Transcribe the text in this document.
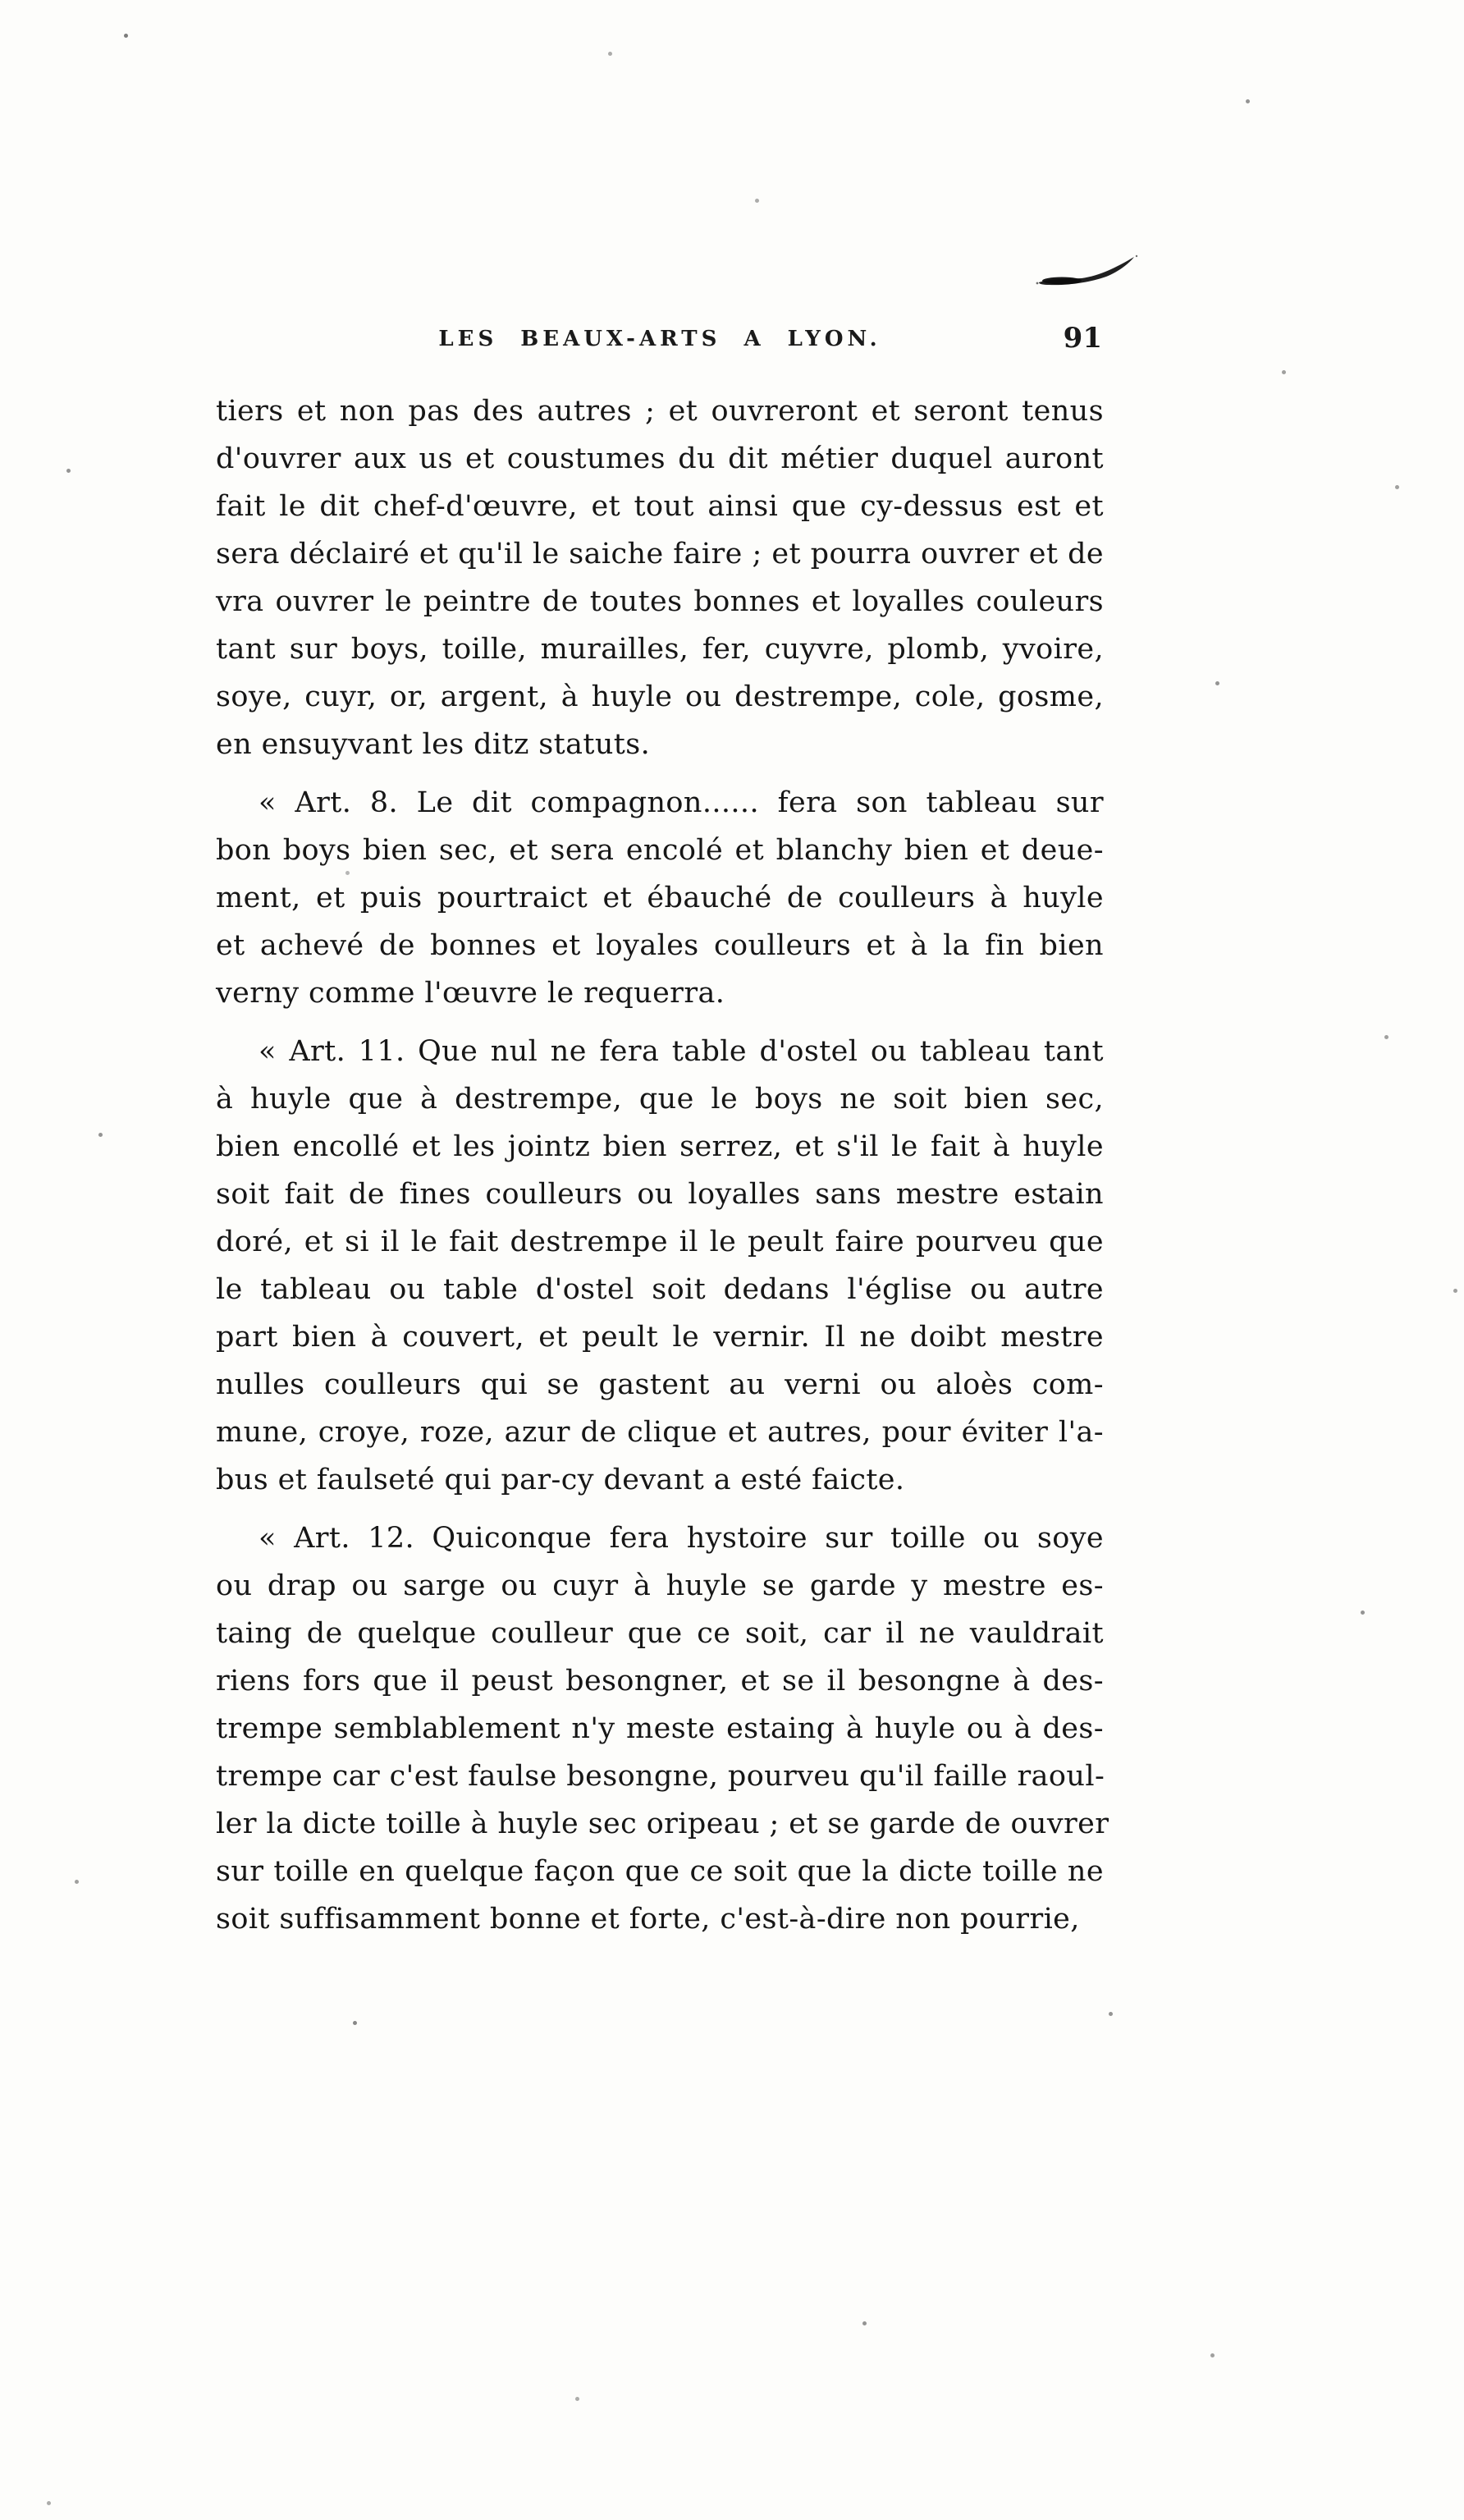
LES BEAUX-ARTS A LYON.	91
tiers et non pas des autres ; et ouvreront et seront tenus
d'ouvrer aux us et coustumes du dit métier duquel auront
fait le dit chef-d'œuvre, et tout ainsi que cy-dessus est et
sera déclairé et qu'il le saiche faire ; et pourra ouvrer et de
vra ouvrer le peintre de toutes bonnes et loyalles couleurs
tant sur boys, toille, murailles, fer, cuyvre, plomb, yvoire,
soye, cuyr, or, argent, à huyle ou destrempe, cole, gosme,
en ensuyvant les ditz statuts.
« Art. 8. Le dit compagnon...... fera son tableau sur
bon boys bien sec, et sera encolé et blanchy bien et deue-
ment, et puis pourtraict et ébauché de coulleurs à huyle
et achevé de bonnes et loyales coulleurs et à la fin bien
verny comme l'œuvre le requerra.
« Art. 11. Que nul ne fera table d'ostel ou tableau tant
à huyle que à destrempe, que le boys ne soit bien sec,
bien encollé et les jointz bien serrez, et s'il le fait à huyle
soit fait de fines coulleurs ou loyalles sans mestre estain
doré, et si il le fait destrempe il le peult faire pourveu que
le tableau ou table d'ostel soit dedans l'église ou autre
part bien à couvert, et peult le vernir. Il ne doibt mestre
nulles coulleurs qui se gastent au verni ou aloès com-
mune, croye, roze, azur de clique et autres, pour éviter l'a-
bus et faulseté qui par-cy devant a esté faicte.
« Art. 12. Quiconque fera hystoire sur toille ou soye
ou drap ou sarge ou cuyr à huyle se garde y mestre es-
taing de quelque coulleur que ce soit, car il ne vauldrait
riens fors que il peust besongner, et se il besongne à des-
trempe semblablement n'y meste estaing à huyle ou à des-
trempe car c'est faulse besongne, pourveu qu'il faille raoul-
ler la dicte toille à huyle sec oripeau ; et se garde de ouvrer
sur toille en quelque façon que ce soit que la dicte toille ne
soit suffisamment bonne et forte, c'est-à-dire non pourrie,
